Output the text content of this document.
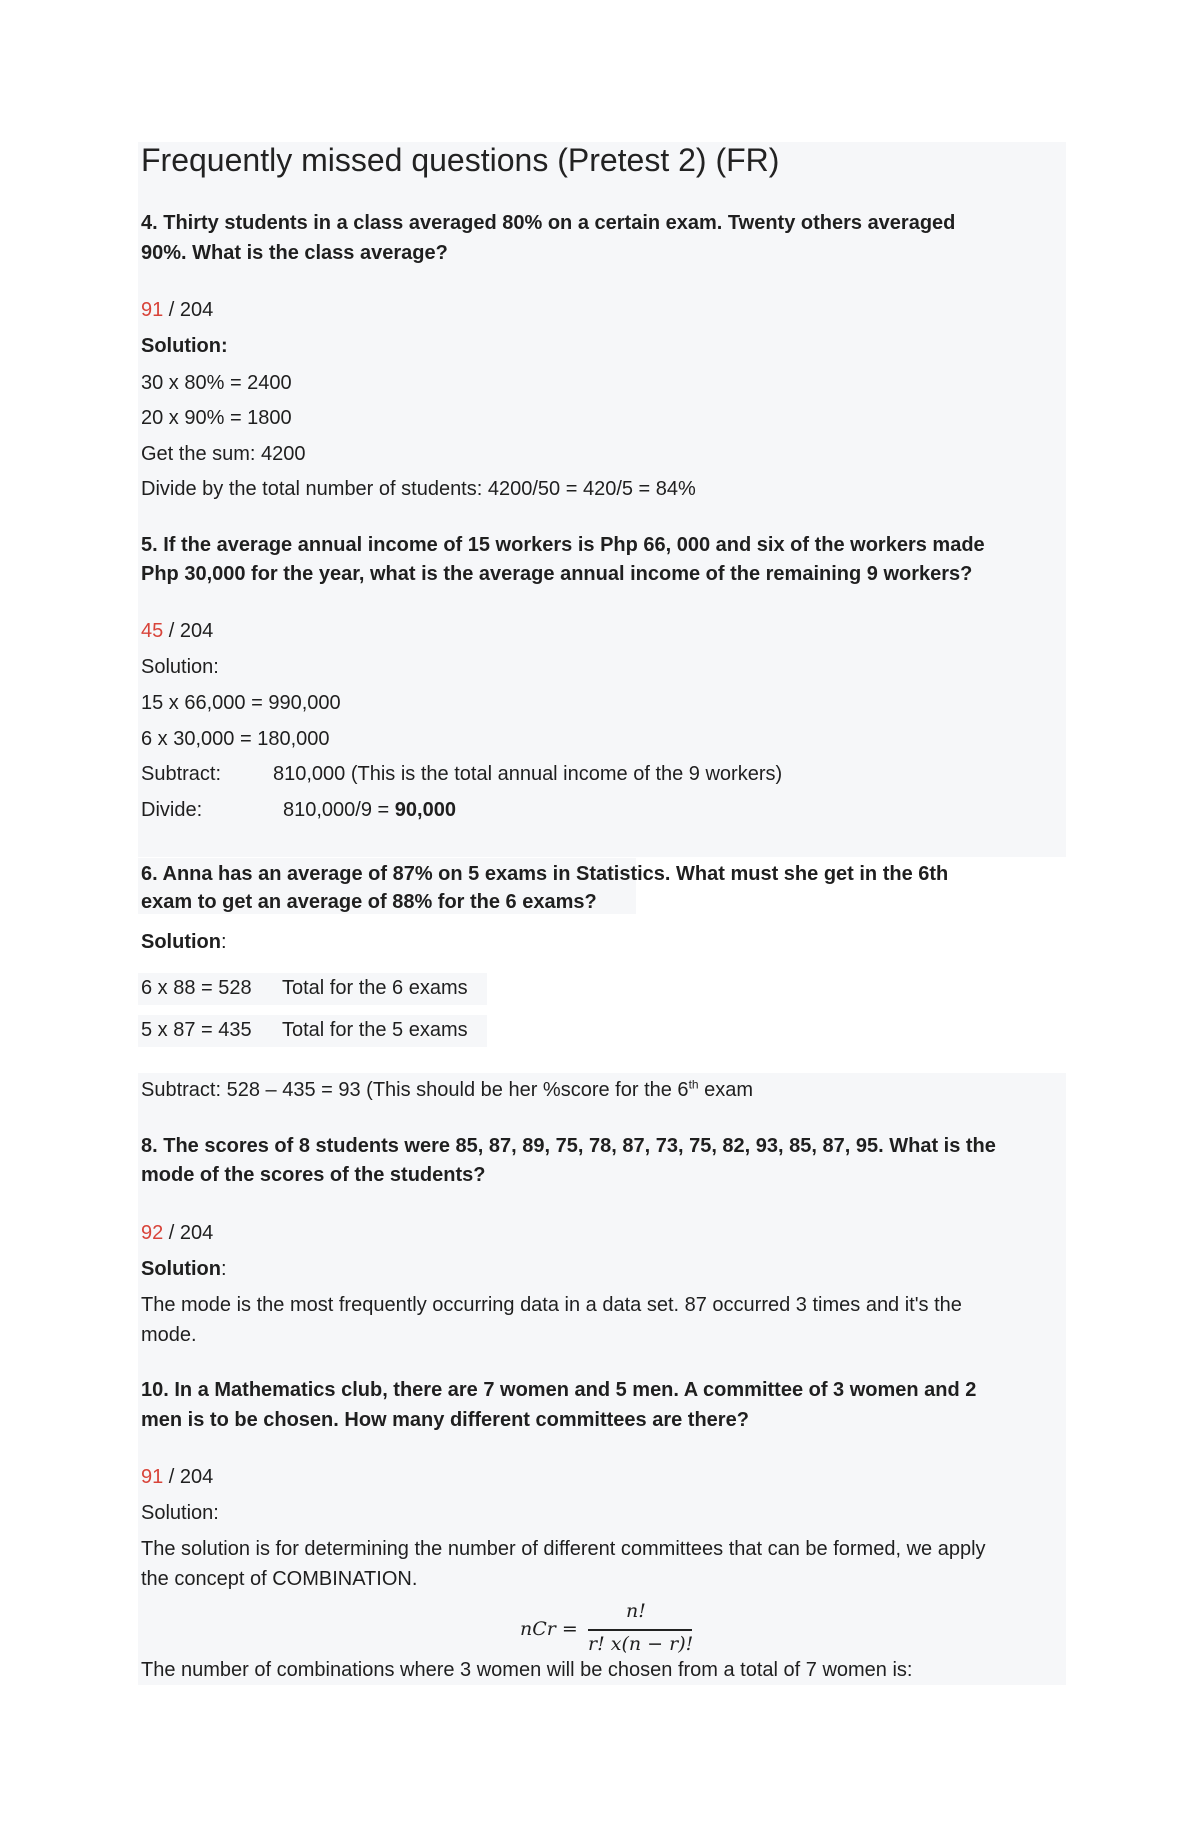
Frequently missed questions (Pretest 2) (FR)
4. Thirty students in a class averaged 80% on a certain exam. Twenty others averaged
90%. What is the class average?
91 / 204
Solution:
30 x 80% = 2400
20 x 90% = 1800
Get the sum: 4200
Divide by the total number of students: 4200/50 = 420/5 = 84%
5. If the average annual income of 15 workers is Php 66, 000 and six of the workers made
Php 30,000 for the year, what is the average annual income of the remaining 9 workers?
45 / 204
Solution:
15 x 66,000 = 990,000
6 x 30,000 = 180,000
Subtract:	810,000 (This is the total annual income of the 9 workers)
Divide:	810,000/9 = 90,000
6. Anna has an average of 87% on 5 exams in Statistics. What must she get in the 6th
exam to get an average of 88% for the 6 exams?
Solution:
6 x 88 = 528 Total for the 6 exams
5 x 87 = 435 Total for the 5 exams
Subtract: 528 – 435 = 93 (This should be her %score for the 6th exam
8. The scores of 8 students were 85, 87, 89, 75, 78, 87, 73, 75, 82, 93, 85, 87, 95. What is the
mode of the scores of the students?
92 / 204
Solution:
The mode is the most frequently occurring data in a data set. 87 occurred 3 times and it's the
mode.
10. In a Mathematics club, there are 7 women and 5 men. A committee of 3 women and 2
men is to be chosen. How many different committees are there?
91 / 204
Solution:
The solution is for determining the number of different committees that can be formed, we apply
the concept of COMBINATION.
nCr =
n!
r! x(n − r)!
The number of combinations where 3 women will be chosen from a total of 7 women is:
